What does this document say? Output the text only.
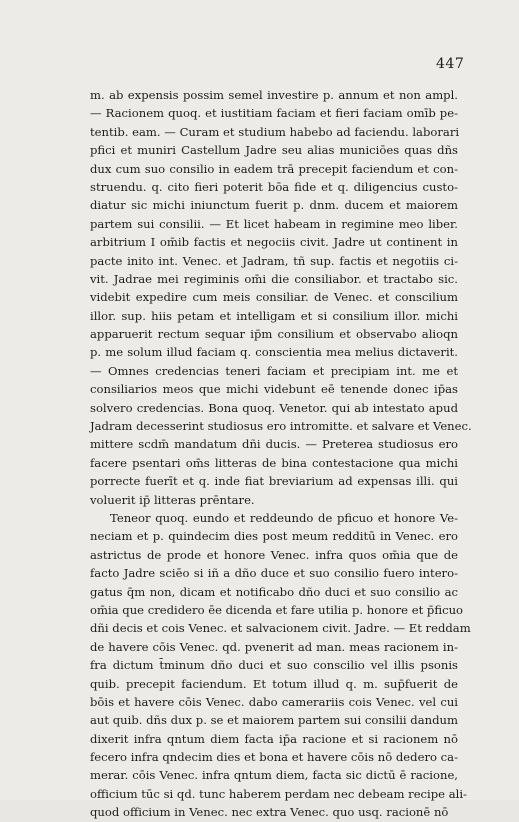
447
m. ab expensis possim semel investire p. annum et non ampl.
— Racionem quoq. et iustitiam faciam et fieri faciam omīb pe-
tentib. eam. — Curam et studium habebo ad faciendu. laborari
pfici et muniri Castellum Jadre seu alias municiōes quas dñs
dux cum suo consilio in eadem trā precepit faciendum et con-
struendu. q. cito fieri poterit bōa fide et q. diligencius custo-
diatur sic michi iniunctum fuerit p. dnm. ducem et maiorem
partem sui consilii. — Et licet habeam in regimine meo liber.
arbitrium I om̄ib factis et negociis civit. Jadre ut continent in
pacte inito int. Venec. et Jadram, tñ sup. factis et negotiis ci-
vit. Jadrae mei regiminis om̄i die consiliabor. et tractabo sic.
videbit expedire cum meis consiliar. de Venec. et conscilium
illor. sup. hiis petam et intelligam et si consilium illor. michi
apparuerit rectum sequar ip̄m consilium et observabo alioqn
p. me solum illud faciam q. conscientia mea melius dictaverit.
— Omnes credencias teneri faciam et precipiam int. me et
consiliarios meos que michi videbunt eē tenende donec ip̄as
solvero credencias. Bona quoq. Venetor. qui ab intestato apud
Jadram decesserint studiosus ero intromitte. et salvare et Venec.
mittere scdm̄ mandatum dñi ducis. — Preterea studiosus ero
facere psentari om̄s litteras de bina contestacione qua michi
porrecte fuerīt et q. inde fiat breviarium ad expensas illi. qui
voluerit ip̄ litteras prēntare.
Teneor quoq. eundo et reddeundo de pficuo et honore Ve-
neciam et p. quindecim dies post meum redditū in Venec. ero
astrictus de prode et honore Venec. infra quos om̄ia que de
facto Jadre sciēo si iñ a dño duce et suo consilio fuero intero-
gatus q̄m non, dicam et notificabo dño duci et suo consilio ac
om̄ia que credidero ēe dicenda et fare utilia p. honore et p̄ficuo
dñi decis et cois Venec. et salvacionem civit. Jadre. — Et reddam
de havere cōis Venec. qd. pvenerit ad man. meas racionem in-
fra dictum t̄minum dño duci et suo conscilio vel illis psonis
quib. precepit faciendum. Et totum illud q. m. sup̄fuerit de
bōis et havere cōis Venec. dabo camerariis cois Venec. vel cui
aut quib. dñs dux p. se et maiorem partem sui consilii dandum
dixerit infra qntum diem facta ip̄a racione et si racionem nō
fecero infra qndecim dies et bona et havere cōis nō dedero ca-
merar. cōis Venec. infra qntum diem, facta sic dictū ē racione,
officium tūc si qd. tunc haberem perdam nec debeam recipe ali-
quod officium in Venec. nec extra Venec. quo usq. racionē nō
